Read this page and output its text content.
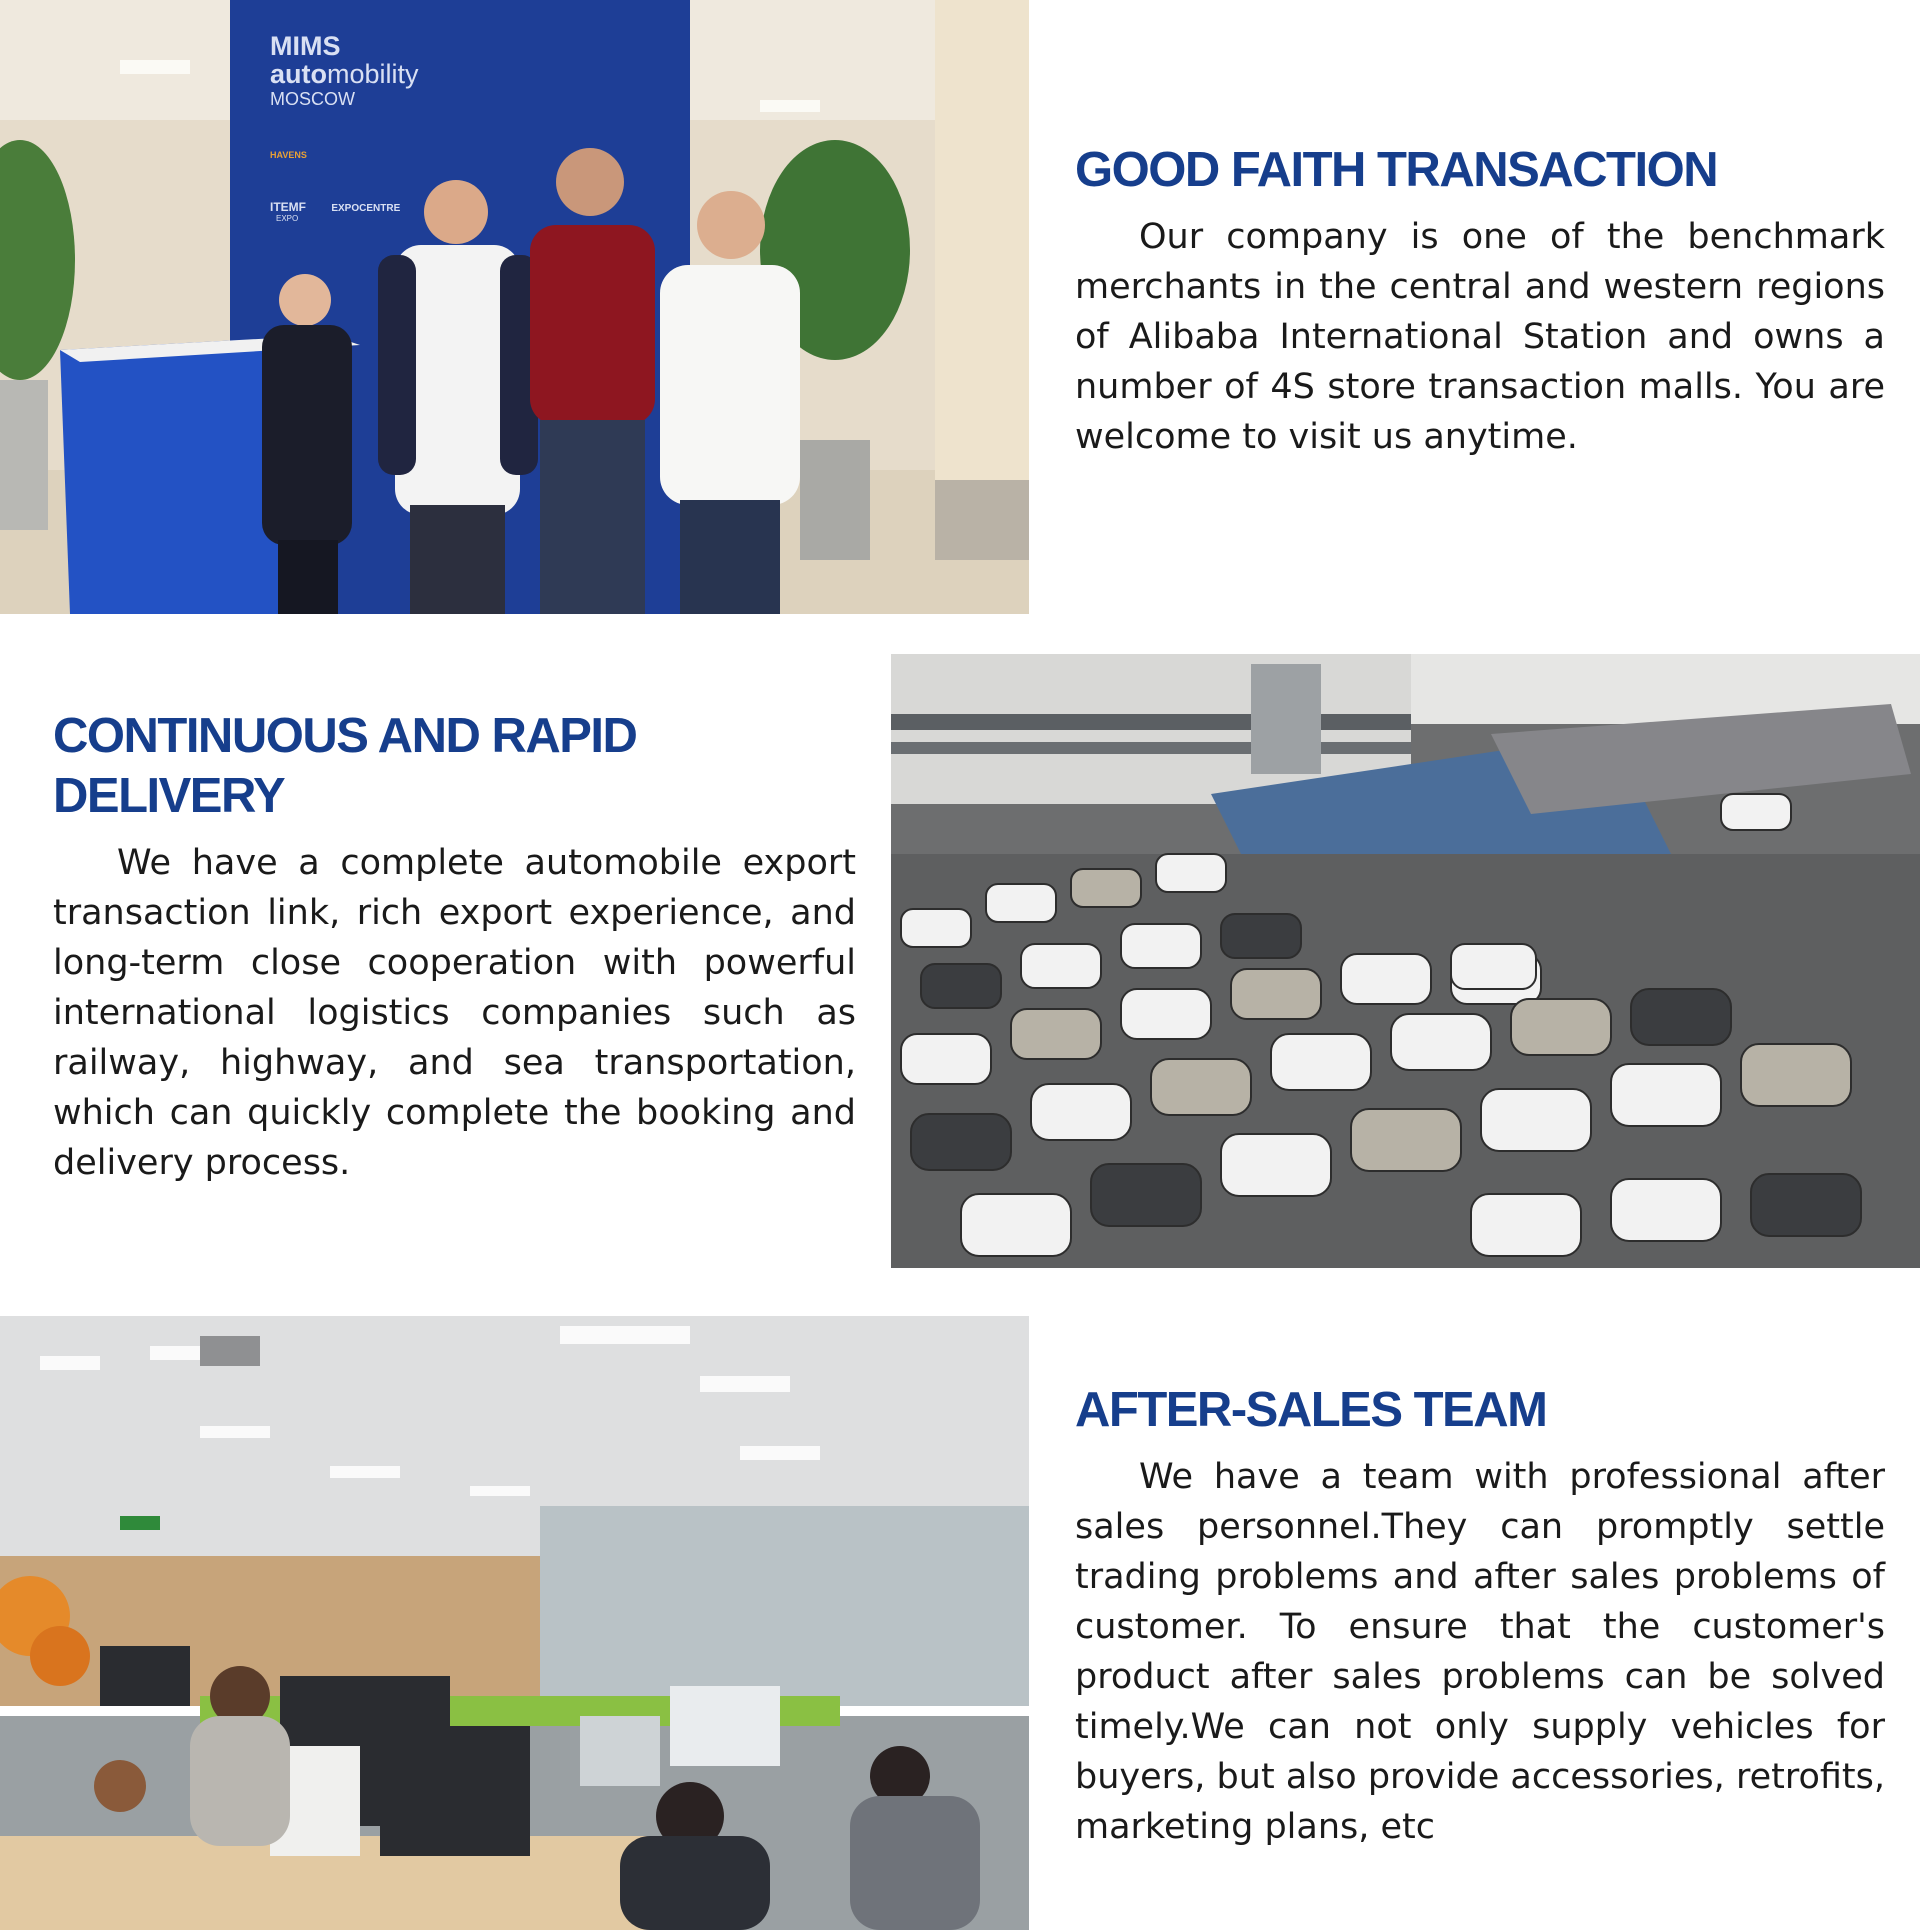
MIMS
automobility
MOSCOW
HAVENS
ITEMF	EXPOCENTRE
EXPO
GOOD FAITH TRANSACTION

Our company is one of the benchmark merchants in the central and western regions of Alibaba International Station and owns a number of 4S store transaction malls. You are welcome to visit us anytime.

CONTINUOUS AND RAPID DELIVERY

We have a complete automobile export transaction link, rich export experience, and long-term close cooperation with powerful international logistics companies such as railway, highway, and sea transportation, which can quickly complete the booking and delivery process.

AFTER-SALES TEAM

We have a team with professional after sales personnel.They can promptly settle trading problems and after sales problems of customer. To ensure that the customer's product after sales problems can be solved timely.We can not only supply vehicles for buyers, but also provide accessories, retrofits, marketing plans, etc
